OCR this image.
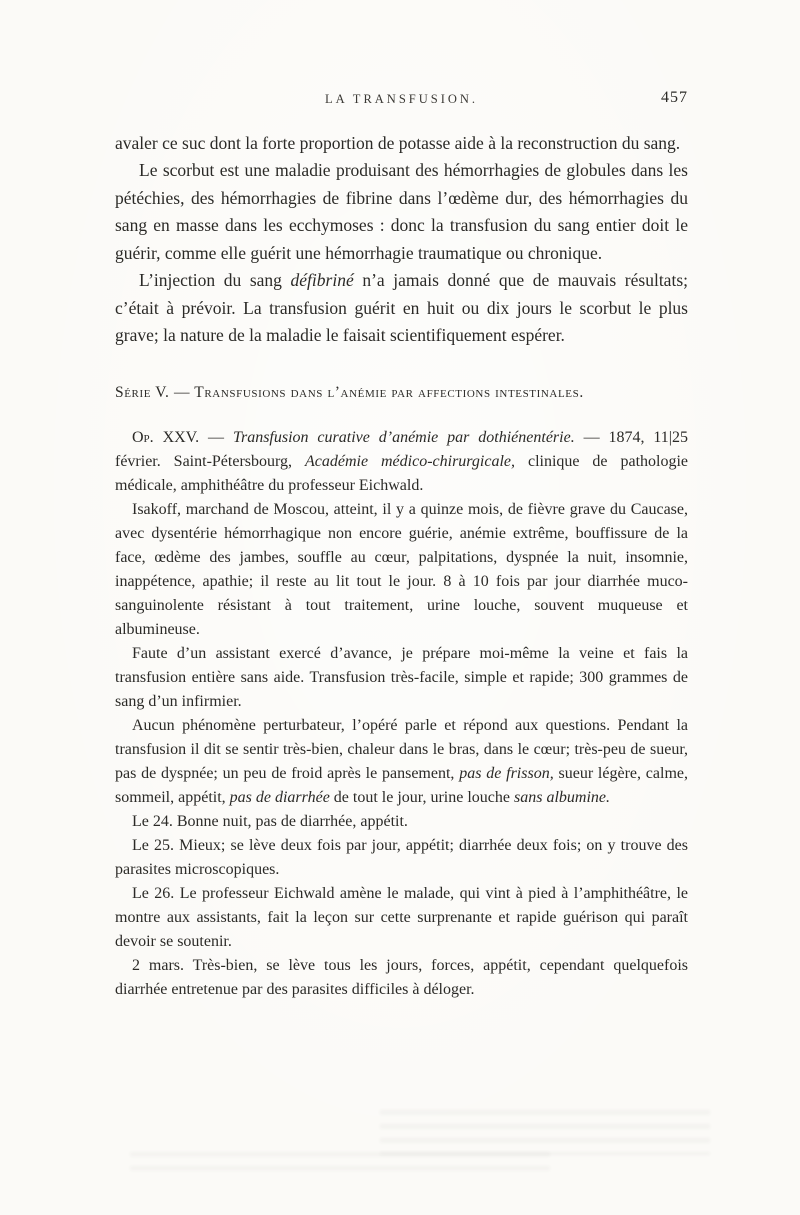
LA TRANSFUSION.	457

avaler ce suc dont la forte proportion de potasse aide à la reconstruction du sang.

Le scorbut est une maladie produisant des hémorrhagies de globules dans les pétéchies, des hémorrhagies de fibrine dans l’œdème dur, des hémorrhagies du sang en masse dans les ecchymoses : donc la transfusion du sang entier doit le guérir, comme elle guérit une hémorrhagie traumatique ou chronique.

L’injection du sang défibriné n’a jamais donné que de mauvais résultats; c’était à prévoir. La transfusion guérit en huit ou dix jours le scorbut le plus grave; la nature de la maladie le faisait scientifiquement espérer.

Série V. — Transfusions dans l’anémie par affections intestinales.

Op. XXV. — Transfusion curative d’anémie par dothiénentérie. — 1874, 11|25 février. Saint-Pétersbourg, Académie médico-chirurgicale, clinique de pathologie médicale, amphithéâtre du professeur Eichwald.

Isakoff, marchand de Moscou, atteint, il y a quinze mois, de fièvre grave du Caucase, avec dysentérie hémorrhagique non encore guérie, anémie extrême, bouffissure de la face, œdème des jambes, souffle au cœur, palpitations, dyspnée la nuit, insomnie, inappétence, apathie; il reste au lit tout le jour. 8 à 10 fois par jour diarrhée muco-sanguinolente résistant à tout traitement, urine louche, souvent muqueuse et albumineuse.

Faute d’un assistant exercé d’avance, je prépare moi-même la veine et fais la transfusion entière sans aide. Transfusion très-facile, simple et rapide; 300 grammes de sang d’un infirmier.

Aucun phénomène perturbateur, l’opéré parle et répond aux questions. Pendant la transfusion il dit se sentir très-bien, chaleur dans le bras, dans le cœur; très-peu de sueur, pas de dyspnée; un peu de froid après le pansement, pas de frisson, sueur légère, calme, sommeil, appétit, pas de diarrhée de tout le jour, urine louche sans albumine.

Le 24. Bonne nuit, pas de diarrhée, appétit.

Le 25. Mieux; se lève deux fois par jour, appétit; diarrhée deux fois; on y trouve des parasites microscopiques.

Le 26. Le professeur Eichwald amène le malade, qui vint à pied à l’amphithéâtre, le montre aux assistants, fait la leçon sur cette surprenante et rapide guérison qui paraît devoir se soutenir.

2 mars. Très-bien, se lève tous les jours, forces, appétit, cependant quelquefois diarrhée entretenue par des parasites difficiles à déloger.
